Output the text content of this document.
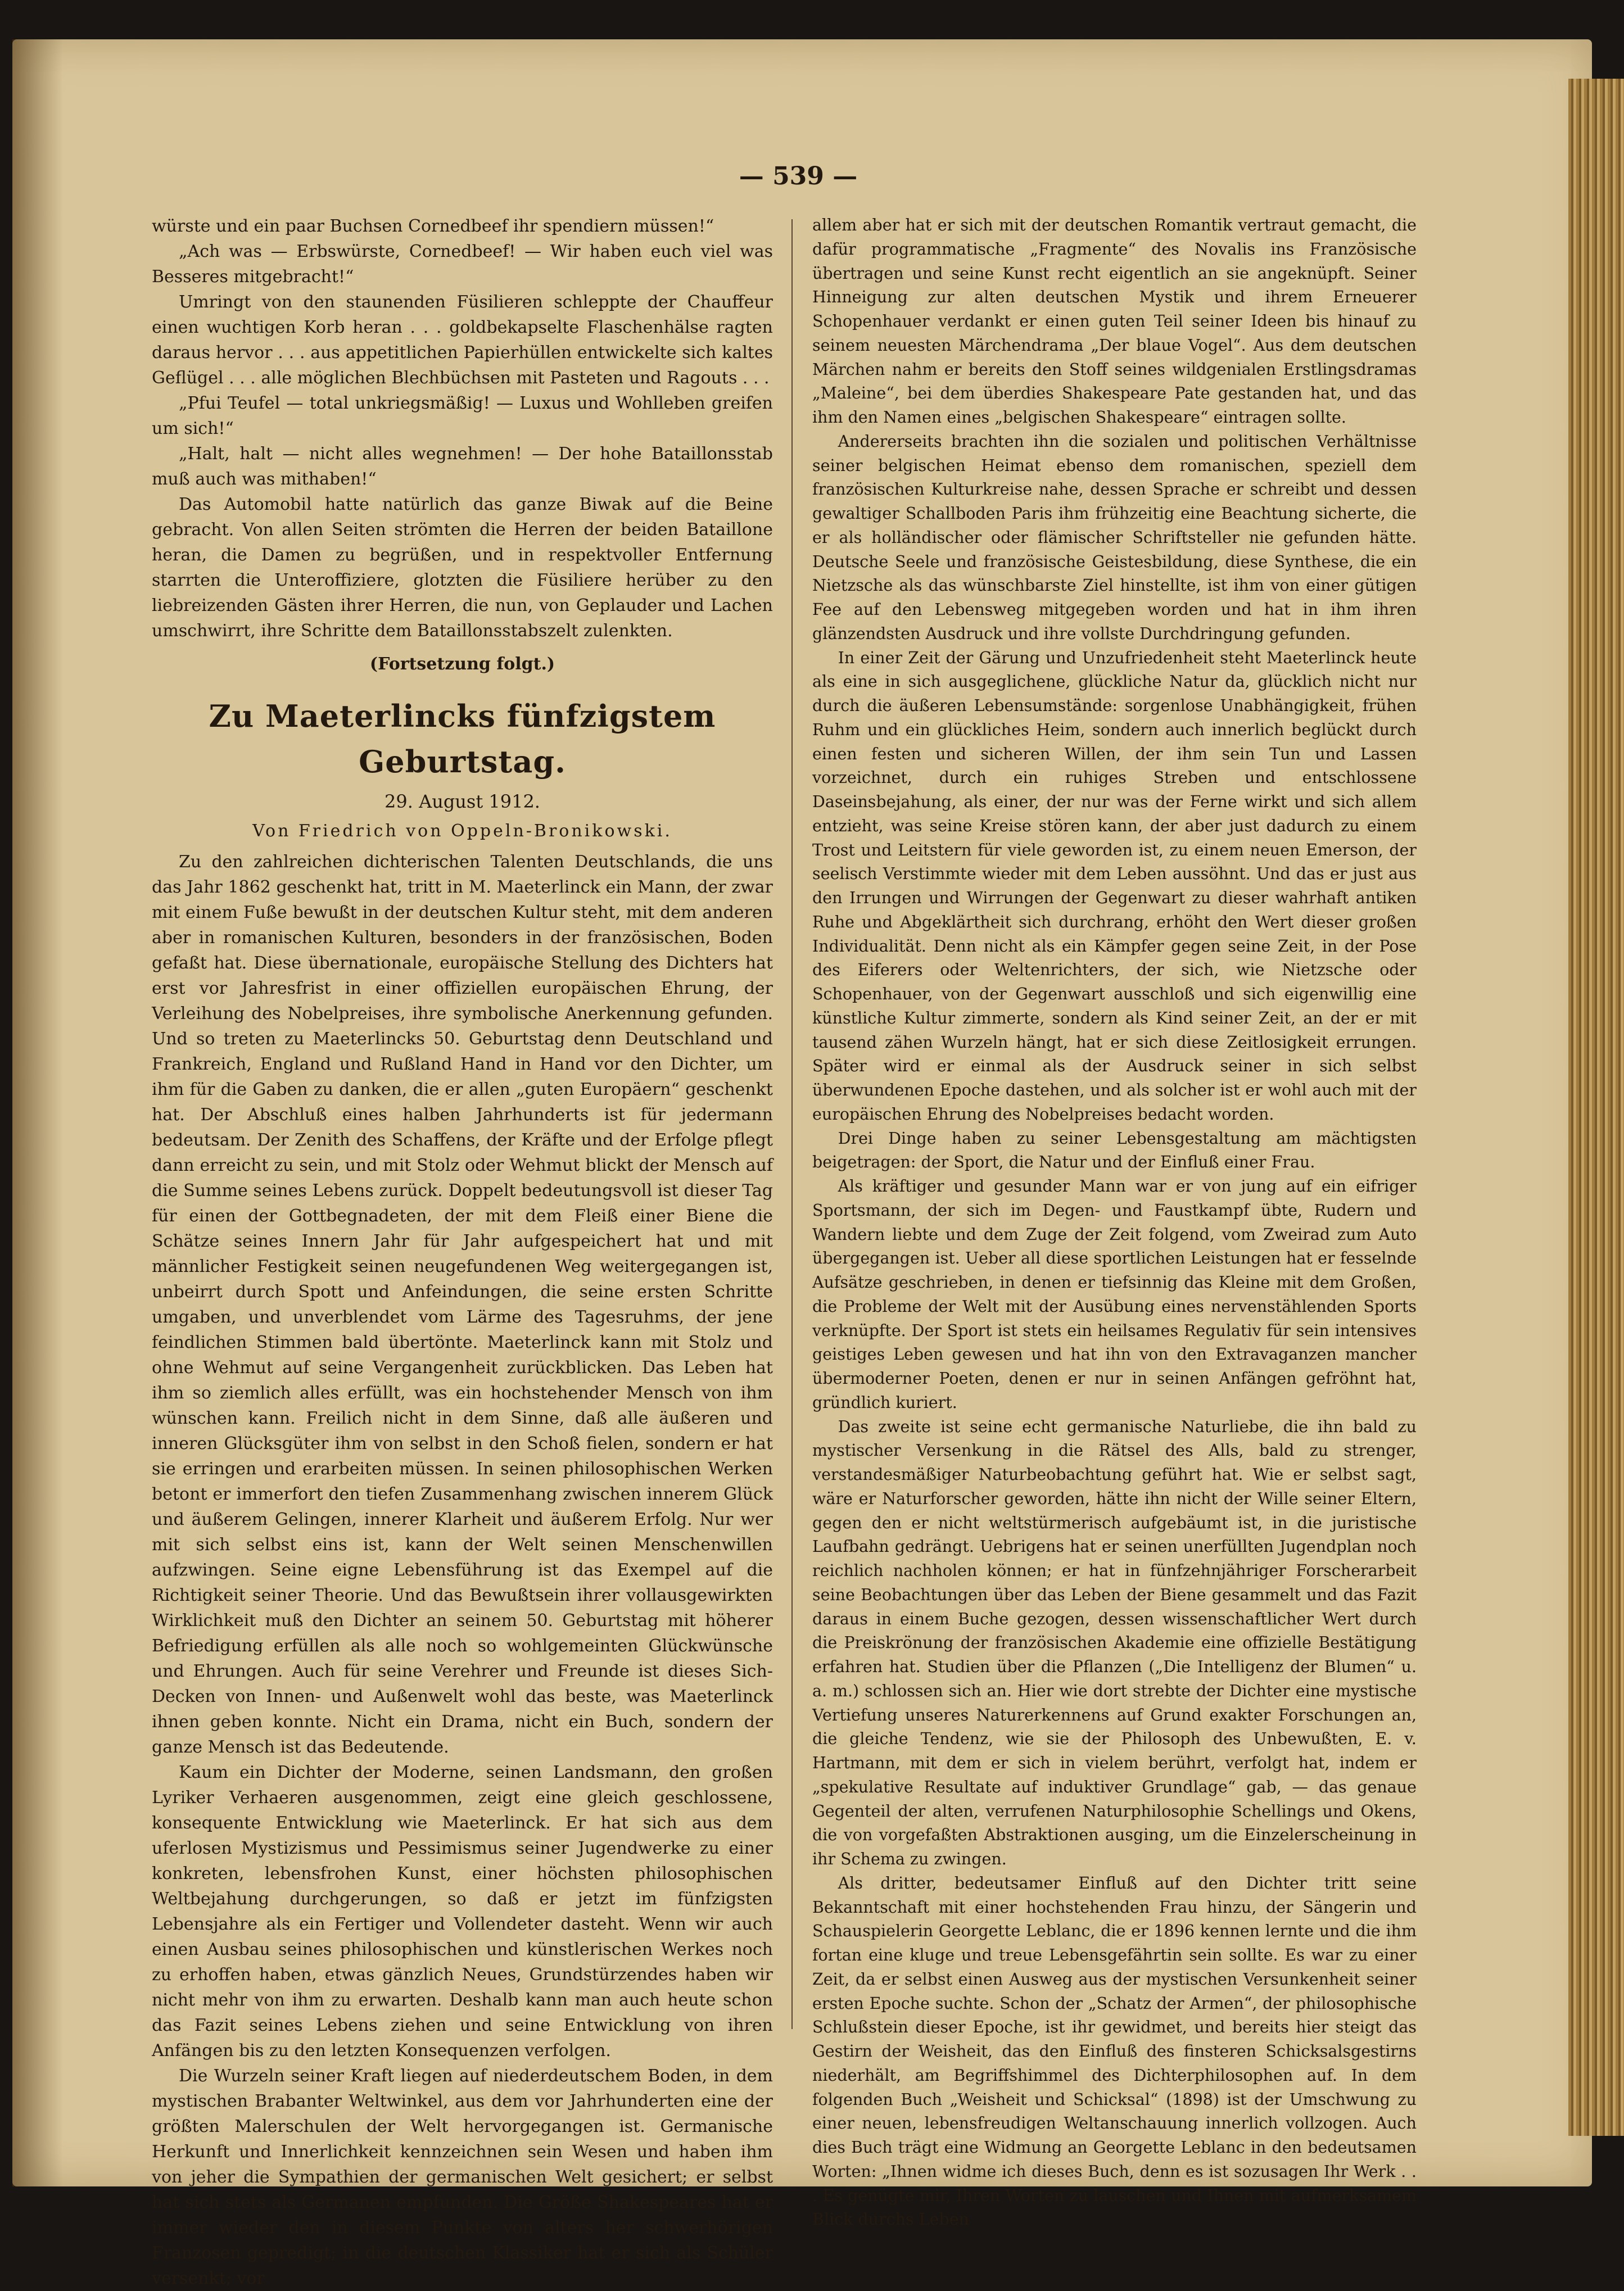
— 539 —

würste und ein paar Buchsen Cornedbeef ihr spendiern müssen!“

„Ach was — Erbswürste, Cornedbeef! — Wir haben euch viel was Besseres mitgebracht!“

Umringt von den staunenden Füsilieren schleppte der Chauffeur einen wuchtigen Korb heran . . . goldbekapselte Flaschenhälse ragten daraus hervor . . . aus appetitlichen Papierhüllen entwickelte sich kaltes Geflügel . . . alle möglichen Blechbüchsen mit Pasteten und Ragouts . . .

„Pfui Teufel — total unkriegsmäßig! — Luxus und Wohlleben greifen um sich!“

„Halt, halt — nicht alles wegnehmen! — Der hohe Bataillonsstab muß auch was mithaben!“

Das Automobil hatte natürlich das ganze Biwak auf die Beine gebracht. Von allen Seiten strömten die Herren der beiden Bataillone heran, die Damen zu begrüßen, und in respektvoller Entfernung starrten die Unteroffiziere, glotzten die Füsiliere herüber zu den liebreizenden Gästen ihrer Herren, die nun, von Geplauder und Lachen umschwirrt, ihre Schritte dem Bataillonsstabszelt zulenkten.

(Fortsetzung folgt.)
Zu Maeterlincks fünfzigstem Geburtstag.
29. August 1912.
Von Friedrich von Oppeln-Bronikowski.

Zu den zahlreichen dichterischen Talenten Deutschlands, die uns das Jahr 1862 geschenkt hat, tritt in M. Maeterlinck ein Mann, der zwar mit einem Fuße bewußt in der deutschen Kultur steht, mit dem anderen aber in romanischen Kulturen, besonders in der französischen, Boden gefaßt hat. Diese übernationale, europäische Stellung des Dichters hat erst vor Jahresfrist in einer offiziellen europäischen Ehrung, der Verleihung des Nobelpreises, ihre symbolische Anerkennung gefunden. Und so treten zu Maeterlincks 50. Geburtstag denn Deutschland und Frankreich, England und Rußland Hand in Hand vor den Dichter, um ihm für die Gaben zu danken, die er allen „guten Europäern“ geschenkt hat. Der Abschluß eines halben Jahrhunderts ist für jedermann bedeutsam. Der Zenith des Schaffens, der Kräfte und der Erfolge pflegt dann erreicht zu sein, und mit Stolz oder Wehmut blickt der Mensch auf die Summe seines Lebens zurück. Doppelt bedeutungsvoll ist dieser Tag für einen der Gottbegnadeten, der mit dem Fleiß einer Biene die Schätze seines Innern Jahr für Jahr aufgespeichert hat und mit männlicher Festigkeit seinen neugefundenen Weg weitergegangen ist, unbeirrt durch Spott und Anfeindungen, die seine ersten Schritte umgaben, und unverblendet vom Lärme des Tagesruhms, der jene feindlichen Stimmen bald übertönte. Maeterlinck kann mit Stolz und ohne Wehmut auf seine Vergangenheit zurückblicken. Das Leben hat ihm so ziemlich alles erfüllt, was ein hochstehender Mensch von ihm wünschen kann. Freilich nicht in dem Sinne, daß alle äußeren und inneren Glücksgüter ihm von selbst in den Schoß fielen, sondern er hat sie erringen und erarbeiten müssen. In seinen philosophischen Werken betont er immerfort den tiefen Zusammenhang zwischen innerem Glück und äußerem Gelingen, innerer Klarheit und äußerem Erfolg. Nur wer mit sich selbst eins ist, kann der Welt seinen Menschenwillen aufzwingen. Seine eigne Lebensführung ist das Exempel auf die Richtigkeit seiner Theorie. Und das Bewußtsein ihrer vollausgewirkten Wirklichkeit muß den Dichter an seinem 50. Geburtstag mit höherer Befriedigung erfüllen als alle noch so wohlgemeinten Glückwünsche und Ehrungen. Auch für seine Verehrer und Freunde ist dieses Sich-Decken von Innen- und Außenwelt wohl das beste, was Maeterlinck ihnen geben konnte. Nicht ein Drama, nicht ein Buch, sondern der ganze Mensch ist das Bedeutende.

Kaum ein Dichter der Moderne, seinen Landsmann, den großen Lyriker Verhaeren ausgenommen, zeigt eine gleich geschlossene, konsequente Entwicklung wie Maeterlinck. Er hat sich aus dem uferlosen Mystizismus und Pessimismus seiner Jugendwerke zu einer konkreten, lebensfrohen Kunst, einer höchsten philosophischen Weltbejahung durchgerungen, so daß er jetzt im fünfzigsten Lebensjahre als ein Fertiger und Vollendeter dasteht. Wenn wir auch einen Ausbau seines philosophischen und künstlerischen Werkes noch zu erhoffen haben, etwas gänzlich Neues, Grundstürzendes haben wir nicht mehr von ihm zu erwarten. Deshalb kann man auch heute schon das Fazit seines Lebens ziehen und seine Entwicklung von ihren Anfängen bis zu den letzten Konsequenzen verfolgen.

Die Wurzeln seiner Kraft liegen auf niederdeutschem Boden, in dem mystischen Brabanter Weltwinkel, aus dem vor Jahrhunderten eine der größten Malerschulen der Welt hervorgegangen ist. Germanische Herkunft und Innerlichkeit kennzeichnen sein Wesen und haben ihm von jeher die Sympathien der germanischen Welt gesichert; er selbst hat sich stets als Germanen empfunden. Die Größe Shakespeares hat er immer wieder den in diesem Punkte von alters her schwerhörigen Franzosen gepredigt; in die deutschen Klassiker hat er sich als Schüler versenkt; vor

allem aber hat er sich mit der deutschen Romantik vertraut gemacht, die dafür programmatische „Fragmente“ des Novalis ins Französische übertragen und seine Kunst recht eigentlich an sie angeknüpft. Seiner Hinneigung zur alten deutschen Mystik und ihrem Erneuerer Schopenhauer verdankt er einen guten Teil seiner Ideen bis hinauf zu seinem neuesten Märchendrama „Der blaue Vogel“. Aus dem deutschen Märchen nahm er bereits den Stoff seines wildgenialen Erstlingsdramas „Maleine“, bei dem überdies Shakespeare Pate gestanden hat, und das ihm den Namen eines „belgischen Shakespeare“ eintragen sollte.

Andererseits brachten ihn die sozialen und politischen Verhältnisse seiner belgischen Heimat ebenso dem romanischen, speziell dem französischen Kulturkreise nahe, dessen Sprache er schreibt und dessen gewaltiger Schallboden Paris ihm frühzeitig eine Beachtung sicherte, die er als holländischer oder flämischer Schriftsteller nie gefunden hätte. Deutsche Seele und französische Geistesbildung, diese Synthese, die ein Nietzsche als das wünschbarste Ziel hinstellte, ist ihm von einer gütigen Fee auf den Lebensweg mitgegeben worden und hat in ihm ihren glänzendsten Ausdruck und ihre vollste Durchdringung gefunden.

In einer Zeit der Gärung und Unzufriedenheit steht Maeterlinck heute als eine in sich ausgeglichene, glückliche Natur da, glücklich nicht nur durch die äußeren Lebensumstände: sorgenlose Unabhängigkeit, frühen Ruhm und ein glückliches Heim, sondern auch innerlich beglückt durch einen festen und sicheren Willen, der ihm sein Tun und Lassen vorzeichnet, durch ein ruhiges Streben und entschlossene Daseinsbejahung, als einer, der nur was der Ferne wirkt und sich allem entzieht, was seine Kreise stören kann, der aber just dadurch zu einem Trost und Leitstern für viele geworden ist, zu einem neuen Emerson, der seelisch Verstimmte wieder mit dem Leben aussöhnt. Und das er just aus den Irrungen und Wirrungen der Gegenwart zu dieser wahrhaft antiken Ruhe und Abgeklärtheit sich durchrang, erhöht den Wert dieser großen Individualität. Denn nicht als ein Kämpfer gegen seine Zeit, in der Pose des Eiferers oder Weltenrichters, der sich, wie Nietzsche oder Schopenhauer, von der Gegenwart ausschloß und sich eigenwillig eine künstliche Kultur zimmerte, sondern als Kind seiner Zeit, an der er mit tausend zähen Wurzeln hängt, hat er sich diese Zeitlosigkeit errungen. Später wird er einmal als der Ausdruck seiner in sich selbst überwundenen Epoche dastehen, und als solcher ist er wohl auch mit der europäischen Ehrung des Nobelpreises bedacht worden.

Drei Dinge haben zu seiner Lebensgestaltung am mächtigsten beigetragen: der Sport, die Natur und der Einfluß einer Frau.

Als kräftiger und gesunder Mann war er von jung auf ein eifriger Sportsmann, der sich im Degen- und Faustkampf übte, Rudern und Wandern liebte und dem Zuge der Zeit folgend, vom Zweirad zum Auto übergegangen ist. Ueber all diese sportlichen Leistungen hat er fesselnde Aufsätze geschrieben, in denen er tiefsinnig das Kleine mit dem Großen, die Probleme der Welt mit der Ausübung eines nervenstählenden Sports verknüpfte. Der Sport ist stets ein heilsames Regulativ für sein intensives geistiges Leben gewesen und hat ihn von den Extravaganzen mancher übermoderner Poeten, denen er nur in seinen Anfängen gefröhnt hat, gründlich kuriert.

Das zweite ist seine echt germanische Naturliebe, die ihn bald zu mystischer Versenkung in die Rätsel des Alls, bald zu strenger, verstandesmäßiger Naturbeobachtung geführt hat. Wie er selbst sagt, wäre er Naturforscher geworden, hätte ihn nicht der Wille seiner Eltern, gegen den er nicht weltstürmerisch aufgebäumt ist, in die juristische Laufbahn gedrängt. Uebrigens hat er seinen unerfüllten Jugendplan noch reichlich nachholen können; er hat in fünfzehnjähriger Forscherarbeit seine Beobachtungen über das Leben der Biene gesammelt und das Fazit daraus in einem Buche gezogen, dessen wissenschaftlicher Wert durch die Preiskrönung der französischen Akademie eine offizielle Bestätigung erfahren hat. Studien über die Pflanzen („Die Intelligenz der Blumen“ u. a. m.) schlossen sich an. Hier wie dort strebte der Dichter eine mystische Vertiefung unseres Naturerkennens auf Grund exakter Forschungen an, die gleiche Tendenz, wie sie der Philosoph des Unbewußten, E. v. Hartmann, mit dem er sich in vielem berührt, verfolgt hat, indem er „spekulative Resultate auf induktiver Grundlage“ gab, — das genaue Gegenteil der alten, verrufenen Naturphilosophie Schellings und Okens, die von vorgefaßten Abstraktionen ausging, um die Einzelerscheinung in ihr Schema zu zwingen.

Als dritter, bedeutsamer Einfluß auf den Dichter tritt seine Bekanntschaft mit einer hochstehenden Frau hinzu, der Sängerin und Schauspielerin Georgette Leblanc, die er 1896 kennen lernte und die ihm fortan eine kluge und treue Lebensgefährtin sein sollte. Es war zu einer Zeit, da er selbst einen Ausweg aus der mystischen Versunkenheit seiner ersten Epoche suchte. Schon der „Schatz der Armen“, der philosophische Schlußstein dieser Epoche, ist ihr gewidmet, und bereits hier steigt das Gestirn der Weisheit, das den Einfluß des finsteren Schicksalsgestirns niederhält, am Begriffshimmel des Dichterphilosophen auf. In dem folgenden Buch „Weisheit und Schicksal“ (1898) ist der Umschwung zu einer neuen, lebensfreudigen Weltanschauung innerlich vollzogen. Auch dies Buch trägt eine Widmung an Georgette Leblanc in den bedeutsamen Worten: „Ihnen widme ich dieses Buch, denn es ist sozusagen Ihr Werk . . . Es genügte mir, Ihren Worten zu lauschen und Ihnen mit aufmerksamem Blick durchs Leben
